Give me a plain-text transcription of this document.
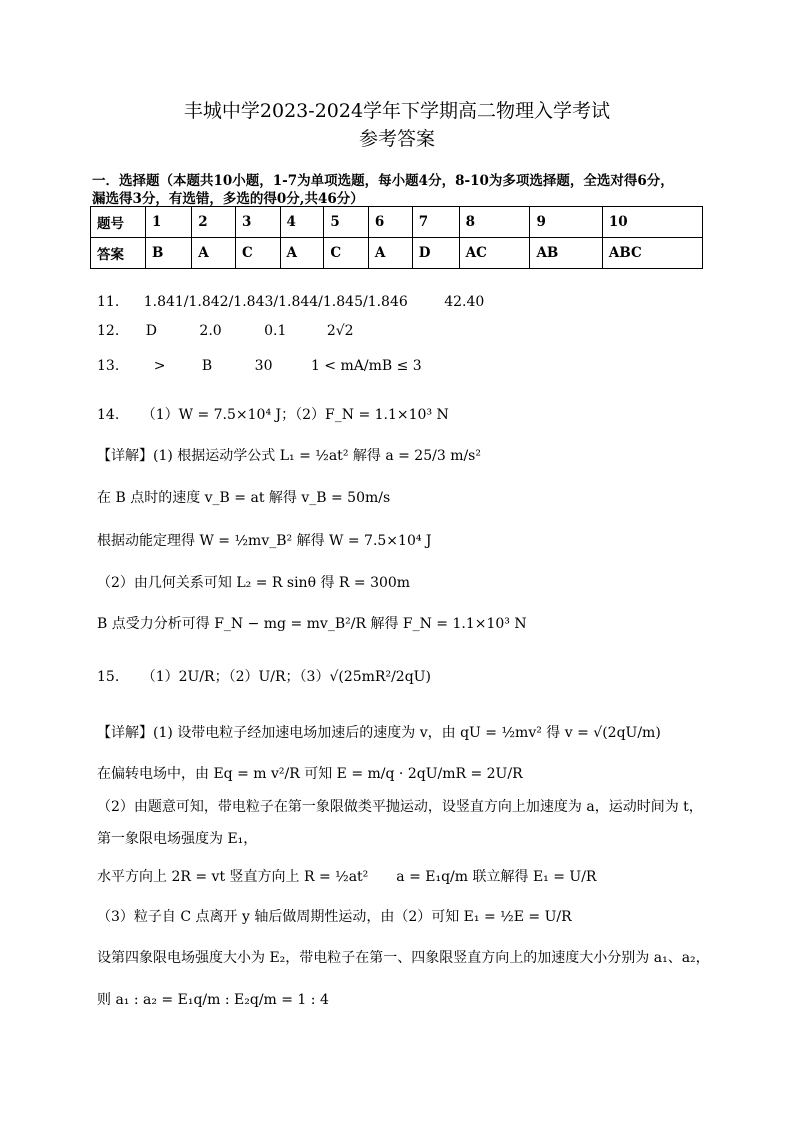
丰城中学2023-2024学年下学期高二物理入学考试
参考答案
一．选择题（本题共10小题，1-7为单项选题，每小题4分，8-10为多项选择题，全选对得6分，
漏选得3分，有选错，多选的得0分,共46分）
题号	1	2	3	4	5	6	7	8	9	10
答案	B	A	C	A	C	A	D	AC	AB	ABC
11. 1.841/1.842/1.843/1.844/1.845/1.846	42.40
12. D	2.0	0.1	2√2
13. >	B	30	1 < mA/mB ≤ 3
14. （1）W = 7.5×10⁴ J；（2）F_N = 1.1×10³ N
【详解】(1) 根据运动学公式 L₁ = ½at² 解得 a = 25/3 m/s²
在 B 点时的速度 v_B = at 解得 v_B = 50m/s
根据动能定理得 W = ½mv_B² 解得 W = 7.5×10⁴ J
（2）由几何关系可知 L₂ = R sinθ 得 R = 300m
B 点受力分析可得 F_N − mg = mv_B²/R 解得 F_N = 1.1×10³ N
15. （1）2U/R；（2）U/R；（3）√(25mR²/2qU)
【详解】(1) 设带电粒子经加速电场加速后的速度为 v，由 qU = ½mv² 得 v = √(2qU/m)
在偏转电场中，由 Eq = m v²/R 可知 E = m/q · 2qU/mR = 2U/R
（2）由题意可知，带电粒子在第一象限做类平抛运动，设竖直方向上加速度为 a，运动时间为 t，
第一象限电场强度为 E₁，
水平方向上 2R = vt 竖直方向上 R = ½at²　　a = E₁q/m 联立解得 E₁ = U/R
（3）粒子自 C 点离开 y 轴后做周期性运动，由（2）可知 E₁ = ½E = U/R
设第四象限电场强度大小为 E₂，带电粒子在第一、四象限竖直方向上的加速度大小分别为 a₁、a₂，
则 a₁ : a₂ = E₁q/m : E₂q/m = 1 : 4
